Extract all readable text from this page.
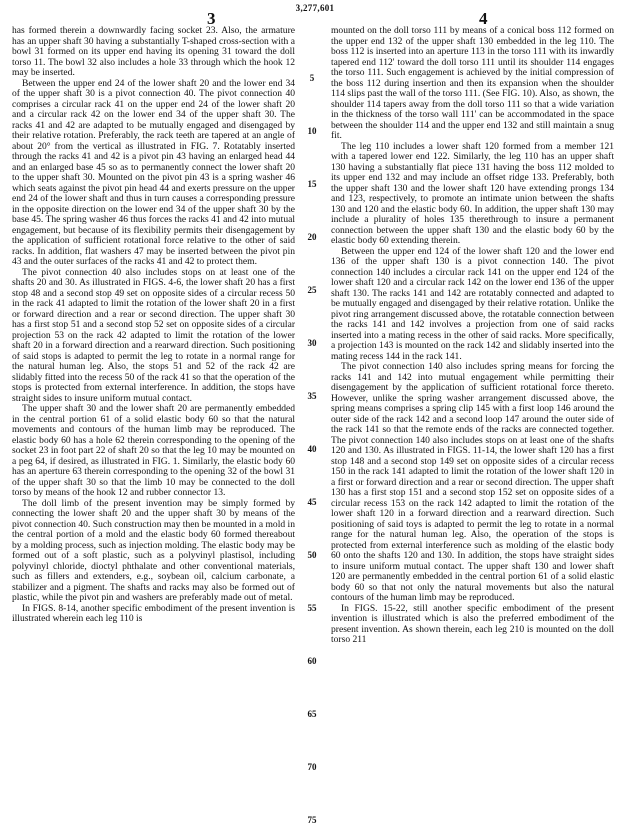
3,277,601
3	4

has formed therein a downwardly facing socket 23. Also, the armature has an upper shaft 30 having a substantially T-shaped cross-section with a bowl 31 formed on its upper end having its opening 31 toward the doll torso 11. The bowl 32 also includes a hole 33 through which the hook 12 may be inserted.

Between the upper end 24 of the lower shaft 20 and the lower end 34 of the upper shaft 30 is a pivot connection 40. The pivot connection 40 comprises a circular rack 41 on the upper end 24 of the lower shaft 20 and a circular rack 42 on the lower end 34 of the upper shaft 30. The racks 41 and 42 are adapted to be mutually engaged and disengaged by their relative rotation. Preferably, the rack teeth are tapered at an angle of about 20° from the vertical as illustrated in FIG. 7. Rotatably inserted through the racks 41 and 42 is a pivot pin 43 having an enlarged head 44 and an enlarged base 45 so as to permanently connect the lower shaft 20 to the upper shaft 30. Mounted on the pivot pin 43 is a spring washer 46 which seats against the pivot pin head 44 and exerts pressure on the upper end 24 of the lower shaft and thus in turn causes a corresponding pressure in the opposite direction on the lower end 34 of the upper shaft 30 by the base 45. The spring washer 46 thus forces the racks 41 and 42 into mutual engagement, but because of its flexibility permits their disengagement by the application of sufficient rotational force relative to the other of said racks. In addition, flat washers 47 may be inserted between the pivot pin 43 and the outer surfaces of the racks 41 and 42 to protect them.

The pivot connection 40 also includes stops on at least one of the shafts 20 and 30. As illustrated in FIGS. 4-6, the lower shaft 20 has a first stop 48 and a second stop 49 set on opposite sides of a circular recess 50 in the rack 41 adapted to limit the rotation of the lower shaft 20 in a first or forward direction and a rear or second direction. The upper shaft 30 has a first stop 51 and a second stop 52 set on opposite sides of a circular projection 53 on the rack 42 adapted to limit the rotation of the lower shaft 20 in a forward direction and a rearward direction. Such positioning of said stops is adapted to permit the leg to rotate in a normal range for the natural human leg. Also, the stops 51 and 52 of the rack 42 are slidably fitted into the recess 50 of the rack 41 so that the operation of the stops is protected from external interference. In addition, the stops have straight sides to insure uniform mutual contact.

The upper shaft 30 and the lower shaft 20 are permanently embedded in the central portion 61 of a solid elastic body 60 so that the natural movements and contours of the human limb may be reproduced. The elastic body 60 has a hole 62 therein corresponding to the opening of the socket 23 in foot part 22 of shaft 20 so that the leg 10 may be mounted on a peg 64, if desired, as illustrated in FIG. 1. Similarly, the elastic body 60 has an aperture 63 therein corresponding to the opening 32 of the bowl 31 of the upper shaft 30 so that the limb 10 may be connected to the doll torso by means of the hook 12 and rubber connector 13.

The doll limb of the present invention may be simply formed by connecting the lower shaft 20 and the upper shaft 30 by means of the pivot connection 40. Such construction may then be mounted in a mold in the central portion of a mold and the elastic body 60 formed thereabout by a molding process, such as injection molding. The elastic body may be formed out of a soft plastic, such as a polyvinyl plastisol, including polyvinyl chloride, dioctyl phthalate and other conventional materials, such as fillers and extenders, e.g., soybean oil, calcium carbonate, a stabilizer and a pigment. The shafts and racks may also be formed out of plastic, while the pivot pin and washers are preferably made out of metal.

In FIGS. 8-14, another specific embodiment of the present invention is illustrated wherein each leg 110 is

5
10
15
20
25
30
35
40
45
50
55
60
65
70
75

mounted on the doll torso 111 by means of a conical boss 112 formed on the upper end 132 of the upper shaft 130 embedded in the leg 110. The boss 112 is inserted into an aperture 113 in the torso 111 with its inwardly tapered end 112' toward the doll torso 111 until its shoulder 114 engages the torso 111. Such engagement is achieved by the initial compression of the boss 112 during insertion and then its expansion when the shoulder 114 slips past the wall of the torso 111. (See FIG. 10). Also, as shown, the shoulder 114 tapers away from the doll torso 111 so that a wide variation in the thickness of the torso wall 111' can be accommodated in the space between the shoulder 114 and the upper end 132 and still maintain a snug fit.

The leg 110 includes a lower shaft 120 formed from a member 121 with a tapered lower end 122. Similarly, the leg 110 has an upper shaft 130 having a substantially flat piece 131 having the boss 112 molded to its upper end 132 and may include an offset ridge 133. Preferably, both the upper shaft 130 and the lower shaft 120 have extending prongs 134 and 123, respectively, to promote an intimate union between the shafts 130 and 120 and the elastic body 60. In addition, the upper shaft 130 may include a plurality of holes 135 therethrough to insure a permanent connection between the upper shaft 130 and the elastic body 60 by the elastic body 60 extending therein.

Between the upper end 124 of the lower shaft 120 and the lower end 136 of the upper shaft 130 is a pivot connection 140. The pivot connection 140 includes a circular rack 141 on the upper end 124 of the lower shaft 120 and a circular rack 142 on the lower end 136 of the upper shaft 130. The racks 141 and 142 are rotatably connected and adapted to be mutually engaged and disengaged by their relative rotation. Unlike the pivot ring arrangement discussed above, the rotatable connection between the racks 141 and 142 involves a projection from one of said racks inserted into a mating recess in the other of said racks. More specifically, a projection 143 is mounted on the rack 142 and slidably inserted into the mating recess 144 in the rack 141.

The pivot connection 140 also includes spring means for forcing the racks 141 and 142 into mutual engagement while permitting their disengagement by the application of sufficient rotational force thereto. However, unlike the spring washer arrangement discussed above, the spring means comprises a spring clip 145 with a first loop 146 around the outer side of the rack 142 and a second loop 147 around the outer side of the rack 141 so that the remote ends of the racks are connected together. The pivot connection 140 also includes stops on at least one of the shafts 120 and 130. As illustrated in FIGS. 11-14, the lower shaft 120 has a first stop 148 and a second stop 149 set on opposite sides of a circular recess 150 in the rack 141 adapted to limit the rotation of the lower shaft 120 in a first or forward direction and a rear or second direction. The upper shaft 130 has a first stop 151 and a second stop 152 set on opposite sides of a circular recess 153 on the rack 142 adapted to limit the rotation of the lower shaft 120 in a forward direction and a rearward direction. Such positioning of said toys is adapted to permit the leg to rotate in a normal range for the natural human leg. Also, the operation of the stops is protected from external interference such as molding of the elastic body 60 onto the shafts 120 and 130. In addition, the stops have straight sides to insure uniform mutual contact. The upper shaft 130 and lower shaft 120 are permanently embedded in the central portion 61 of a solid elastic body 60 so that not only the natural movements but also the natural contours of the human limb may be reproduced.

In FIGS. 15-22, still another specific embodiment of the present invention is illustrated which is also the preferred embodiment of the present invention. As shown therein, each leg 210 is mounted on the doll torso 211
